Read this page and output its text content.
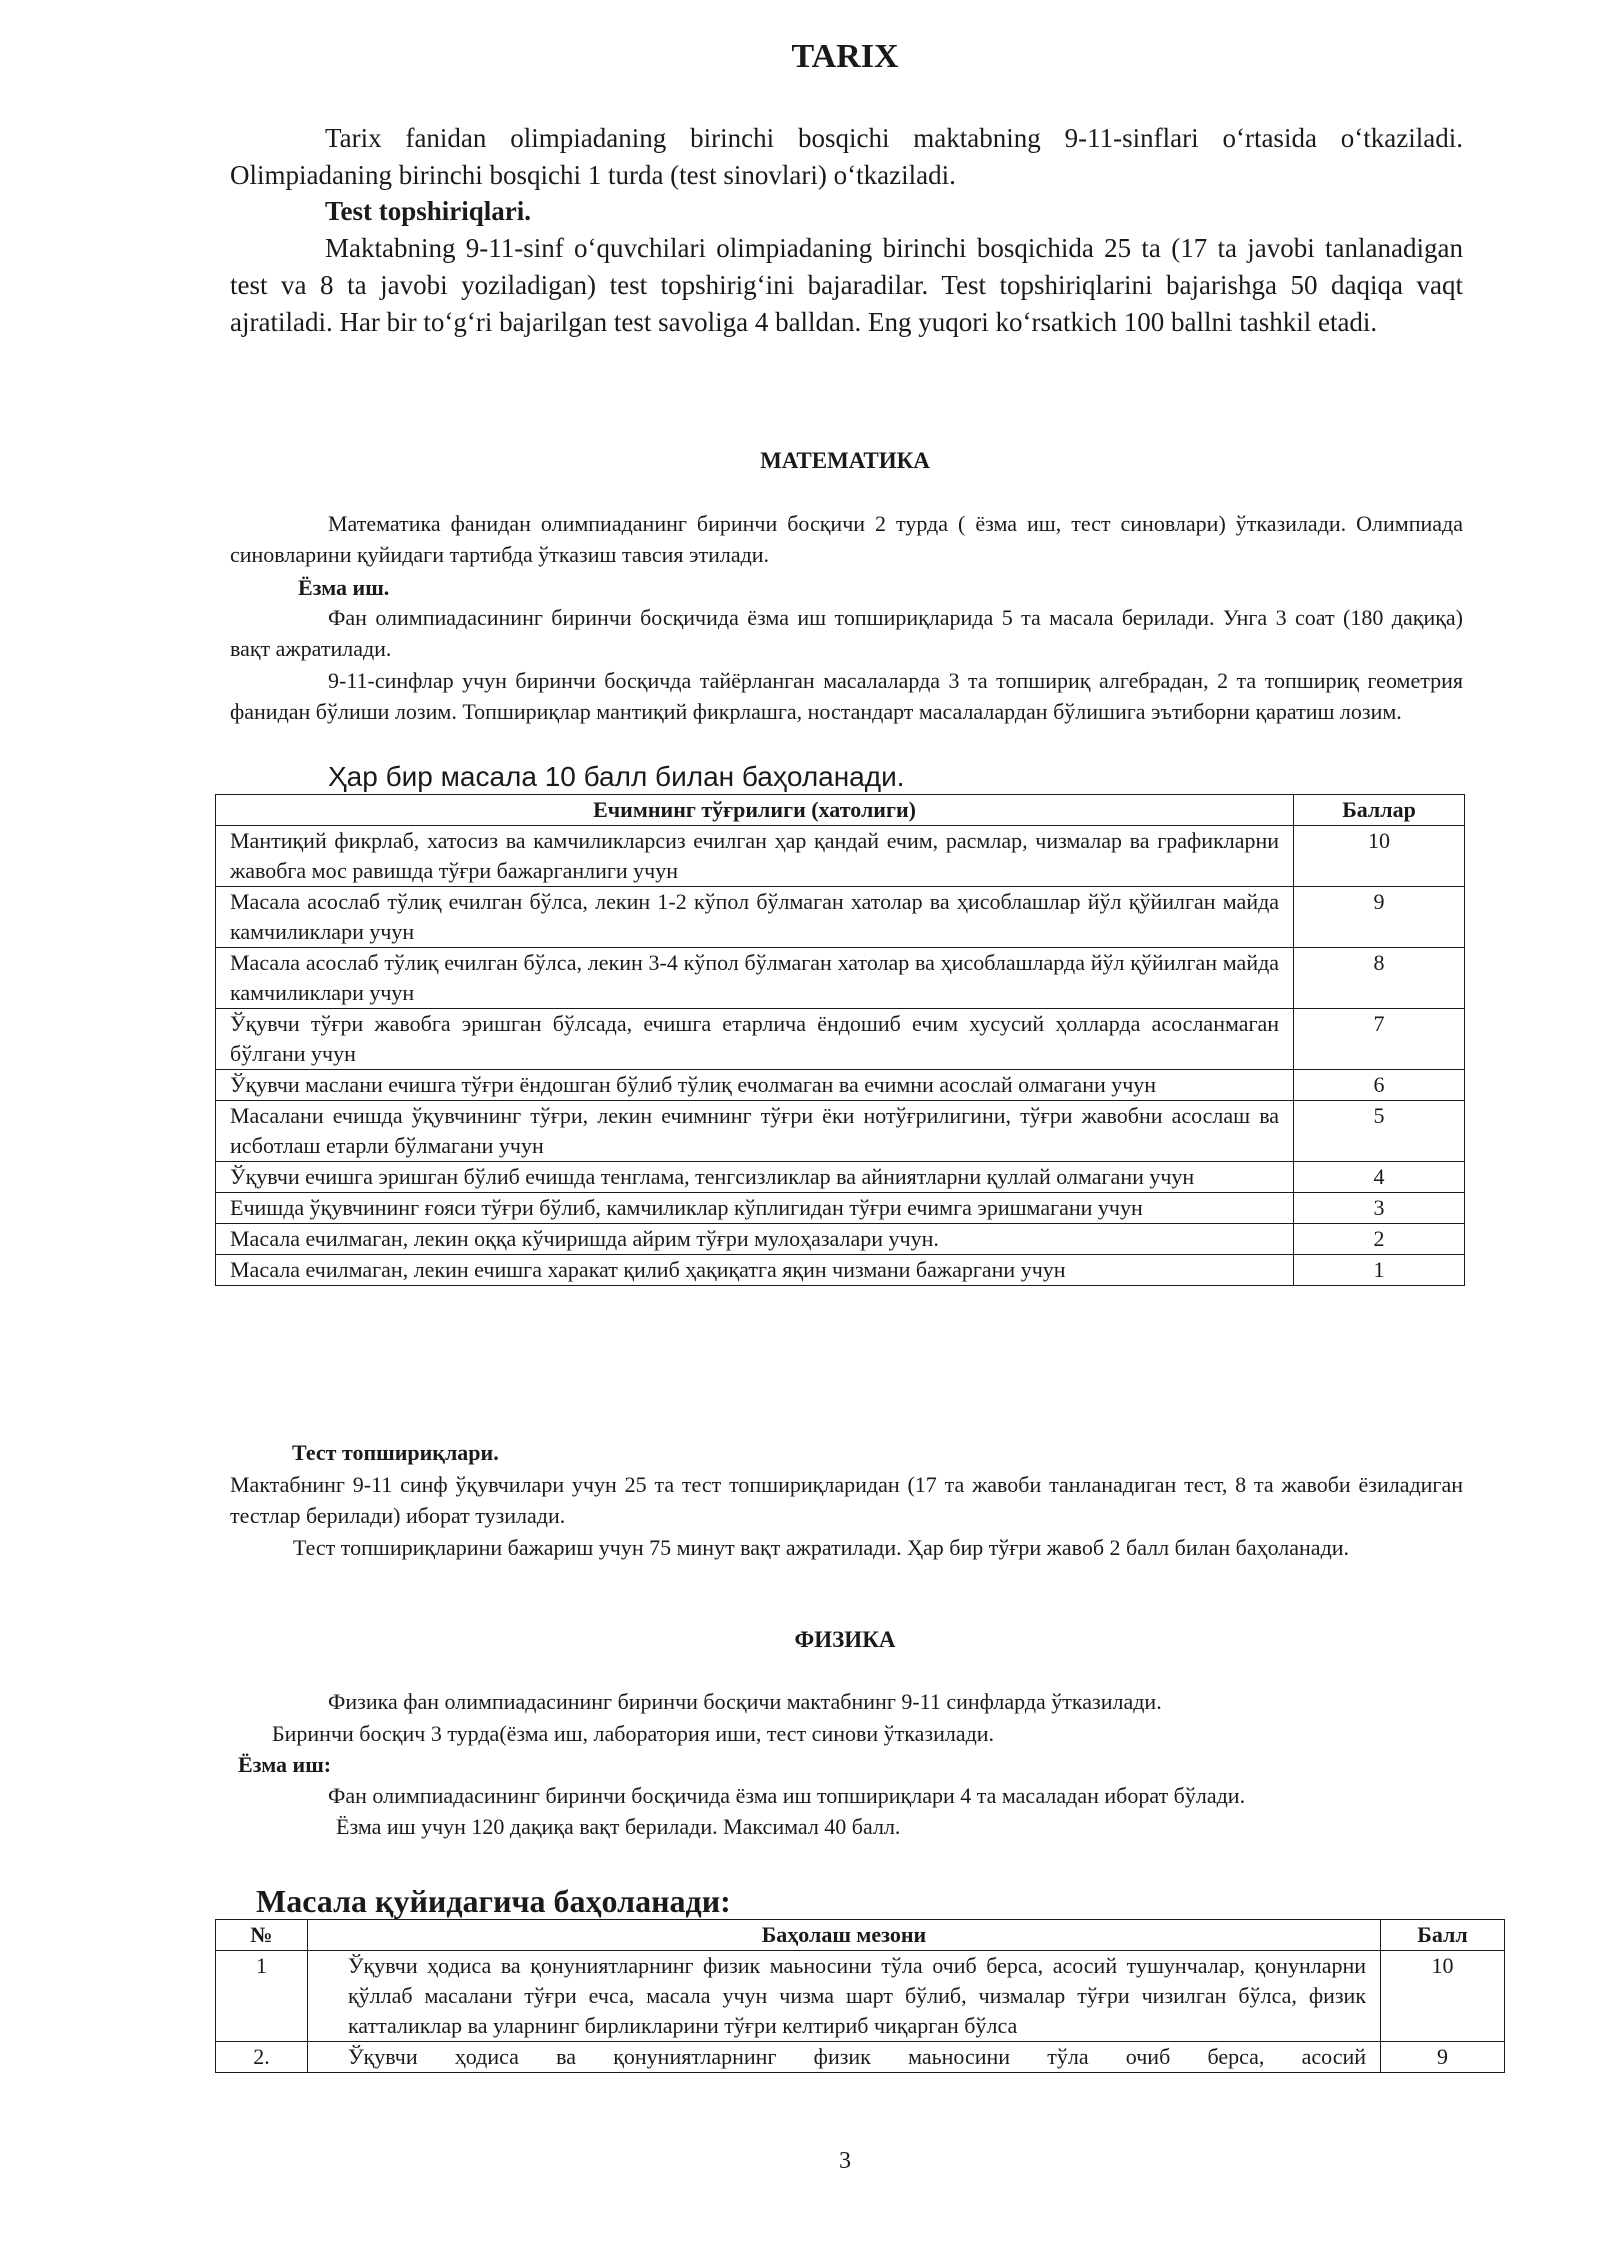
TARIX

Tarix fanidan olimpiadaning birinchi bosqichi maktabning 9-11-sinflari o‘rtasida o‘tkaziladi. Olimpiadaning birinchi bosqichi 1 turda (test sinovlari) o‘tkaziladi.

Test topshiriqlari.

Maktabning 9-11-sinf o‘quvchilari olimpiadaning birinchi bosqichida 25 ta (17 ta javobi tanlanadigan test va 8 ta javobi yoziladigan) test topshirig‘ini bajaradilar. Test topshiriqlarini bajarishga 50 daqiqa vaqt ajratiladi. Har bir to‘g‘ri bajarilgan test savoliga 4 balldan. Eng yuqori ko‘rsatkich 100 ballni tashkil etadi.

МАТЕМАТИКА

Математика фанидан олимпиаданинг биринчи босқичи 2 турда ( ёзма иш, тест синовлари) ўтказилади. Олимпиада синовларини қуйидаги тартибда ўтказиш тавсия этилади.

Ёзма иш.

Фан олимпиадасининг биринчи босқичида ёзма иш топшириқларида 5 та масала берилади. Унга 3 соат (180 дақиқа) вақт ажратилади.

9-11-синфлар учун биринчи босқичда тайёрланган масалаларда 3 та топшириқ алгебрадан, 2 та топшириқ геометрия фанидан бўлиши лозим. Топшириқлар мантиқий фикрлашга, ностандарт масалалардан бўлишига эътиборни қаратиш лозим.

Ҳар бир масала 10 балл билан баҳоланади.

Ечимнинг тўғрилиги (хатолиги)	Баллар
Мантиқий фикрлаб, хатосиз ва камчиликларсиз ечилган ҳар қандай ечим, расмлар, чизмалар ва графикларни жавобга мос равишда тўғри бажарганлиги учун	10
Масала асослаб тўлиқ ечилган бўлса, лекин 1-2 кўпол бўлмаган хатолар ва ҳисоблашлар йўл қўйилган майда камчиликлари учун	9
Масала асослаб тўлиқ ечилган бўлса, лекин 3-4 кўпол бўлмаган хатолар ва ҳисоблашларда йўл қўйилган майда камчиликлари учун	8
Ўқувчи тўғри жавобга эришган бўлсада, ечишга етарлича ёндошиб ечим хусусий ҳолларда асосланмаган бўлгани учун	7
Ўқувчи маслани ечишга тўғри ёндошган бўлиб тўлиқ ечолмаган ва ечимни асослай олмагани учун	6
Масалани ечишда ўқувчининг тўғри, лекин ечимнинг тўғри ёки нотўғрилигини, тўғри жавобни асослаш ва исботлаш етарли бўлмагани учун	5
Ўқувчи ечишга эришган бўлиб ечишда тенглама, тенгсизликлар ва айниятларни қуллай олмагани учун	4
Ечишда ўқувчининг ғояси тўғри бўлиб, камчиликлар кўплигидан тўғри ечимга эришмагани учун	3
Масала ечилмаган, лекин оққа кўчиришда айрим тўғри мулоҳазалари учун.	2
Масала ечилмаган, лекин ечишга харакат қилиб ҳақиқатга яқин чизмани бажаргани учун	1

Тест топшириқлари.

Мактабнинг 9-11 синф ўқувчилари учун 25 та тест топшириқларидан (17 та жавоби танланадиган тест, 8 та жавоби ёзиладиган тестлар берилади) иборат тузилади.

Тест топшириқларини бажариш учун 75 минут вақт ажратилади. Ҳар бир тўғри жавоб 2 балл билан баҳоланади.

ФИЗИКА

Физика фан олимпиадасининг биринчи босқичи мактабнинг 9-11 синфларда ўтказилади.

Биринчи босқич 3 турда(ёзма иш, лаборатория иши, тест синови ўтказилади.

Ёзма иш:

Фан олимпиадасининг биринчи босқичида ёзма иш топшириқлари 4 та масаладан иборат бўлади.

Ёзма иш учун 120 дақиқа вақт берилади. Максимал 40 балл.

Масала қуйидагича баҳоланади:

№	Баҳолаш мезони	Балл
1	Ўқувчи ҳодиса ва қонуниятларнинг физик маьносини тўла очиб берса, асосий тушунчалар, қонунларни қўллаб масалани тўғри ечса, масала учун чизма шарт бўлиб, чизмалар тўғри чизилган бўлса, физик катталиклар ва уларнинг бирликларини тўғри келтириб чиқарган бўлса	10
2.	Ўқувчи ҳодиса ва қонуниятларнинг физик маьносини тўла очиб берса, асосий	9
3
